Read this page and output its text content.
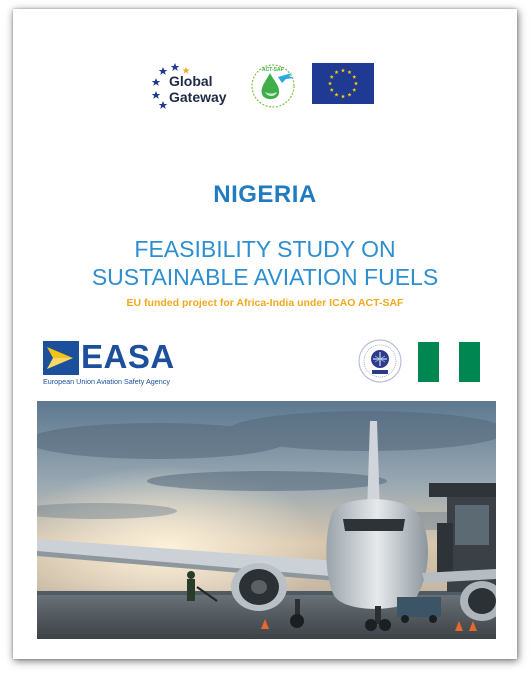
Global
Gateway
ACT-SAF
NIGERIA
FEASIBILITY STUDY ON
SUSTAINABLE AVIATION FUELS
EU funded project for Africa-India under ICAO ACT-SAF
EASA
European Union Aviation Safety Agency
